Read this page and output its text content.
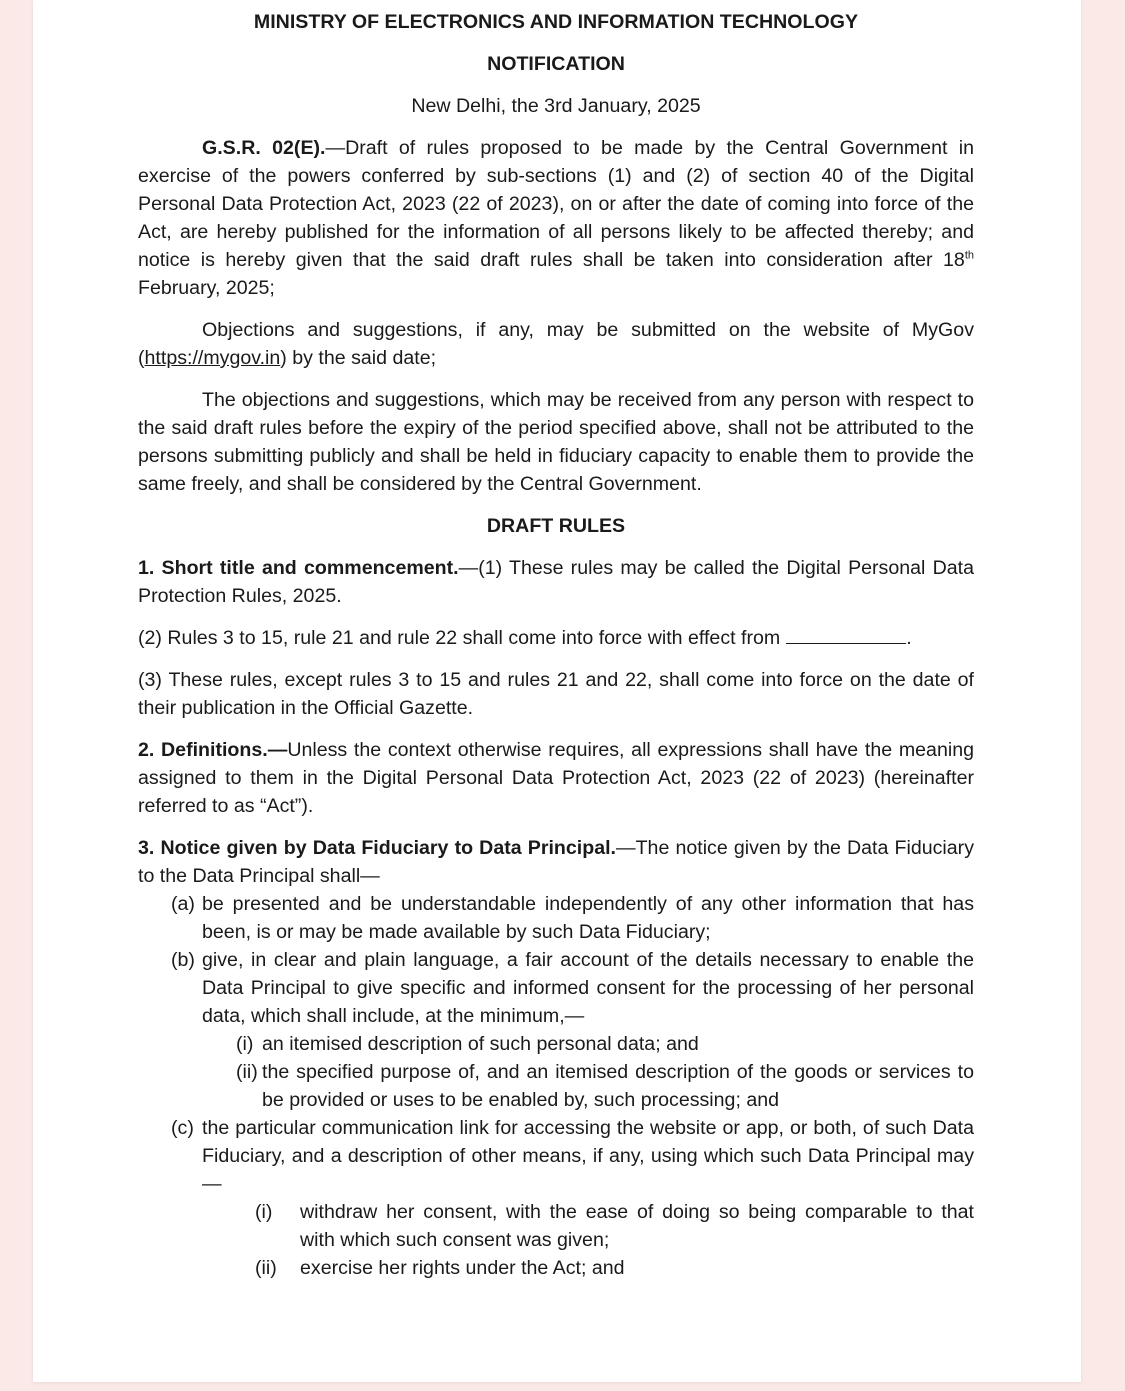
MINISTRY OF ELECTRONICS AND INFORMATION TECHNOLOGY

NOTIFICATION

New Delhi, the 3rd January, 2025

G.S.R. 02(E).—Draft of rules proposed to be made by the Central Government in exercise of the powers conferred by sub-sections (1) and (2) of section 40 of the Digital Personal Data Protection Act, 2023 (22 of 2023), on or after the date of coming into force of the Act, are hereby published for the information of all persons likely to be affected thereby; and notice is hereby given that the said draft rules shall be taken into consideration after 18th February, 2025;

Objections and suggestions, if any, may be submitted on the website of MyGov (https://mygov.in) by the said date;

The objections and suggestions, which may be received from any person with respect to the said draft rules before the expiry of the period specified above, shall not be attributed to the persons submitting publicly and shall be held in fiduciary capacity to enable them to provide the same freely, and shall be considered by the Central Government.

DRAFT RULES

1. Short title and commencement.—(1) These rules may be called the Digital Personal Data Protection Rules, 2025.

(2) Rules 3 to 15, rule 21 and rule 22 shall come into force with effect from	.

(3) These rules, except rules 3 to 15 and rules 21 and 22, shall come into force on the date of their publication in the Official Gazette.

2. Definitions.—Unless the context otherwise requires, all expressions shall have the meaning assigned to them in the Digital Personal Data Protection Act, 2023 (22 of 2023) (hereinafter referred to as “Act”).

3. Notice given by Data Fiduciary to Data Principal.—The notice given by the Data Fiduciary to the Data Principal shall—

(a) be presented and be understandable independently of any other information that has been, is or may be made available by such Data Fiduciary;
(b) give, in clear and plain language, a fair account of the details necessary to enable the Data Principal to give specific and informed consent for the processing of her personal data, which shall include, at the minimum,—
(i) an itemised description of such personal data; and
(ii) the specified purpose of, and an itemised description of the goods or services to be provided or uses to be enabled by, such processing; and
(c) the particular communication link for accessing the website or app, or both, of such Data Fiduciary, and a description of other means, if any, using which such Data Principal may—
(i)	withdraw her consent, with the ease of doing so being comparable to that with which such consent was given;
(ii)	exercise her rights under the Act; and
